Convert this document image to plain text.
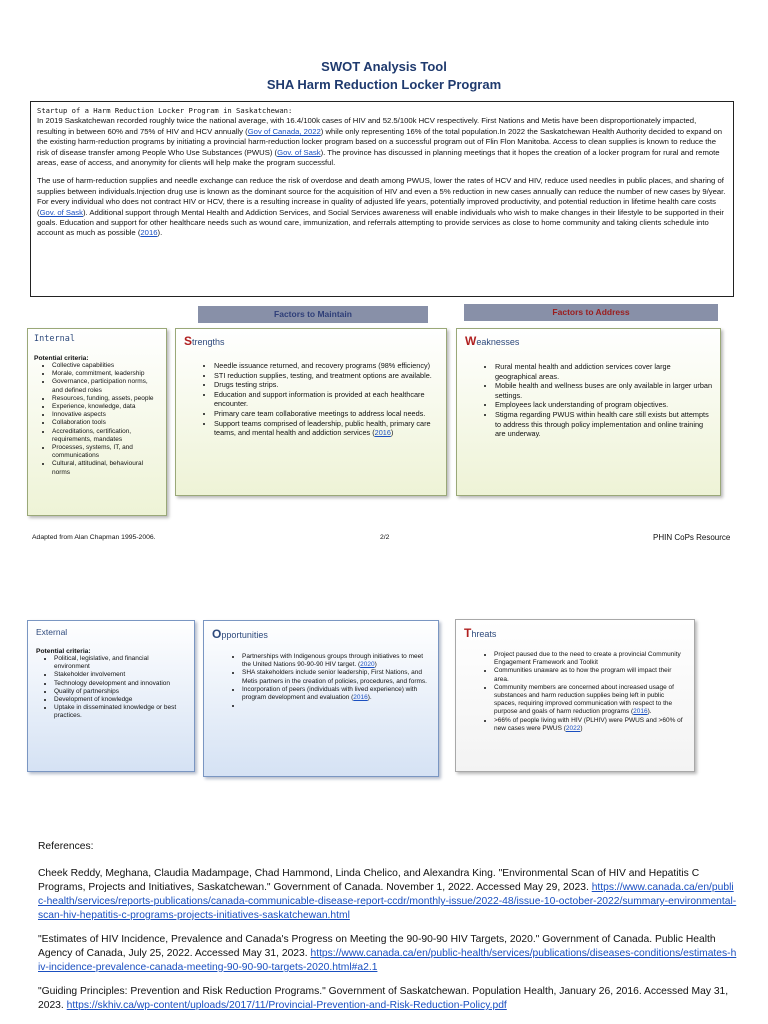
SWOT Analysis Tool
SHA Harm Reduction Locker Program

Startup of a Harm Reduction Locker Program in Saskatchewan:
In 2019 Saskatchewan recorded roughly twice the national average, with 16.4/100k cases of HIV and 52.5/100k HCV respectively. First Nations and Metis have been disproportionately impacted, resulting in between 60% and 75% of HIV and HCV annually (Gov of Canada, 2022) while only representing 16% of the total population.In 2022 the Saskatchewan Health Authority decided to expand on the existing harm-reduction programs by initiating a provincial harm-reduction locker program based on a successful program out of Flin Flon Manitoba. Access to clean supplies is known to reduce the risk of disease transfer among People Who Use Substances (PWUS) (Gov. of Sask). The province has discussed in planning meetings that it hopes the creation of a locker program for rural and remote areas, ease of access, and anonymity for clients will help make the program successful.

The use of harm-reduction supplies and needle exchange can reduce the risk of overdose and death among PWUS, lower the rates of HCV and HIV, reduce used needles in public places, and sharing of supplies between individuals.Injection drug use is known as the dominant source for the acquisition of HIV and even a 5% reduction in new cases annually can reduce the number of new cases by 9/year. For every individual who does not contract HIV or HCV, there is a resulting increase in quality of adjusted life years, potentially improved productivity, and potential reduction in lifetime health care costs (Gov. of Sask). Additional support through Mental Health and Addiction Services, and Social Services awareness will enable individuals who wish to make changes in their lifestyle to be supported in their goals. Education and support for other healthcare needs such as wound care, immunization, and referrals attempting to provide services as close to home community and taking clients schedule into account as much as possible (2016).

Factors to Maintain	Factors to Address
Internal
Potential criteria:
• Collective capabilities
• Morale, commitment, leadership
• Governance, participation norms, and defined roles
• Resources, funding, assets, people
• Experience, knowledge, data
• Innovative aspects
• Collaboration tools
• Accreditations, certification, requirements, mandates
• Processes, systems, IT, and communications
• Cultural, attitudinal, behavioural norms
Strengths
• Needle issuance returned, and recovery programs (98% efficiency)
• STI reduction supplies, testing, and treatment options are available.
• Drugs testing strips.
• Education and support information is provided at each healthcare encounter.
• Primary care team collaborative meetings to address local needs.
• Support teams comprised of leadership, public health, primary care teams, and mental health and addiction services (2016)
Weaknesses
• Rural mental health and addiction services cover large geographical areas.
• Mobile health and wellness buses are only available in larger urban settings.
• Employees lack understanding of program objectives.
• Stigma regarding PWUS within health care still exists but attempts to address this through policy implementation and online training are underway.
Adapted from Alan Chapman 1995-2006.	2/2	PHIN CoPs Resource
External
Potential criteria:
• Political, legislative, and financial environment
• Stakeholder involvement
• Technology development and innovation
• Quality of partnerships
• Development of knowledge
• Uptake in disseminated knowledge or best practices.
Opportunities
• Partnerships with Indigenous groups through initiatives to meet the United Nations 90-90-90 HIV target. (2020)
• SHA stakeholders include senior leadership, First Nations, and Metis partners in the creation of policies, procedures, and forms.
• Incorporation of peers (individuals with lived experience) with program development and evaluation (2016).
•
Threats
• Project paused due to the need to create a provincial Community Engagement Framework and Toolkit
• Communities unaware as to how the program will impact their area.
• Community members are concerned about increased usage of substances and harm reduction supplies being left in public spaces, requiring improved communication with respect to the purpose and goals of harm reduction programs (2016).
• >66% of people living with HIV (PLHIV) were PWUS and >60% of new cases were PWUS (2022)

References:

Cheek Reddy, Meghana, Claudia Madampage, Chad Hammond, Linda Chelico, and Alexandra King. "Environmental Scan of HIV and Hepatitis C Programs, Projects and Initiatives, Saskatchewan." Government of Canada. November 1, 2022. Accessed May 29, 2023. https://www.canada.ca/en/public-health/services/reports-publications/canada-communicable-disease-report-ccdr/monthly-issue/2022-48/issue-10-october-2022/summary-environmental-scan-hiv-hepatitis-c-programs-projects-initiatives-saskatchewan.html

"Estimates of HIV Incidence, Prevalence and Canada's Progress on Meeting the 90-90-90 HIV Targets, 2020." Government of Canada. Public Health Agency of Canada, July 25, 2022. Accessed May 31, 2023. https://www.canada.ca/en/public-health/services/publications/diseases-conditions/estimates-hiv-incidence-prevalence-canada-meeting-90-90-90-targets-2020.html#a2.1

"Guiding Principles: Prevention and Risk Reduction Programs." Government of Saskatchewan. Population Health, January 26, 2016. Accessed May 31, 2023. https://skhiv.ca/wp-content/uploads/2017/11/Provincial-Prevention-and-Risk-Reduction-Policy.pdf
